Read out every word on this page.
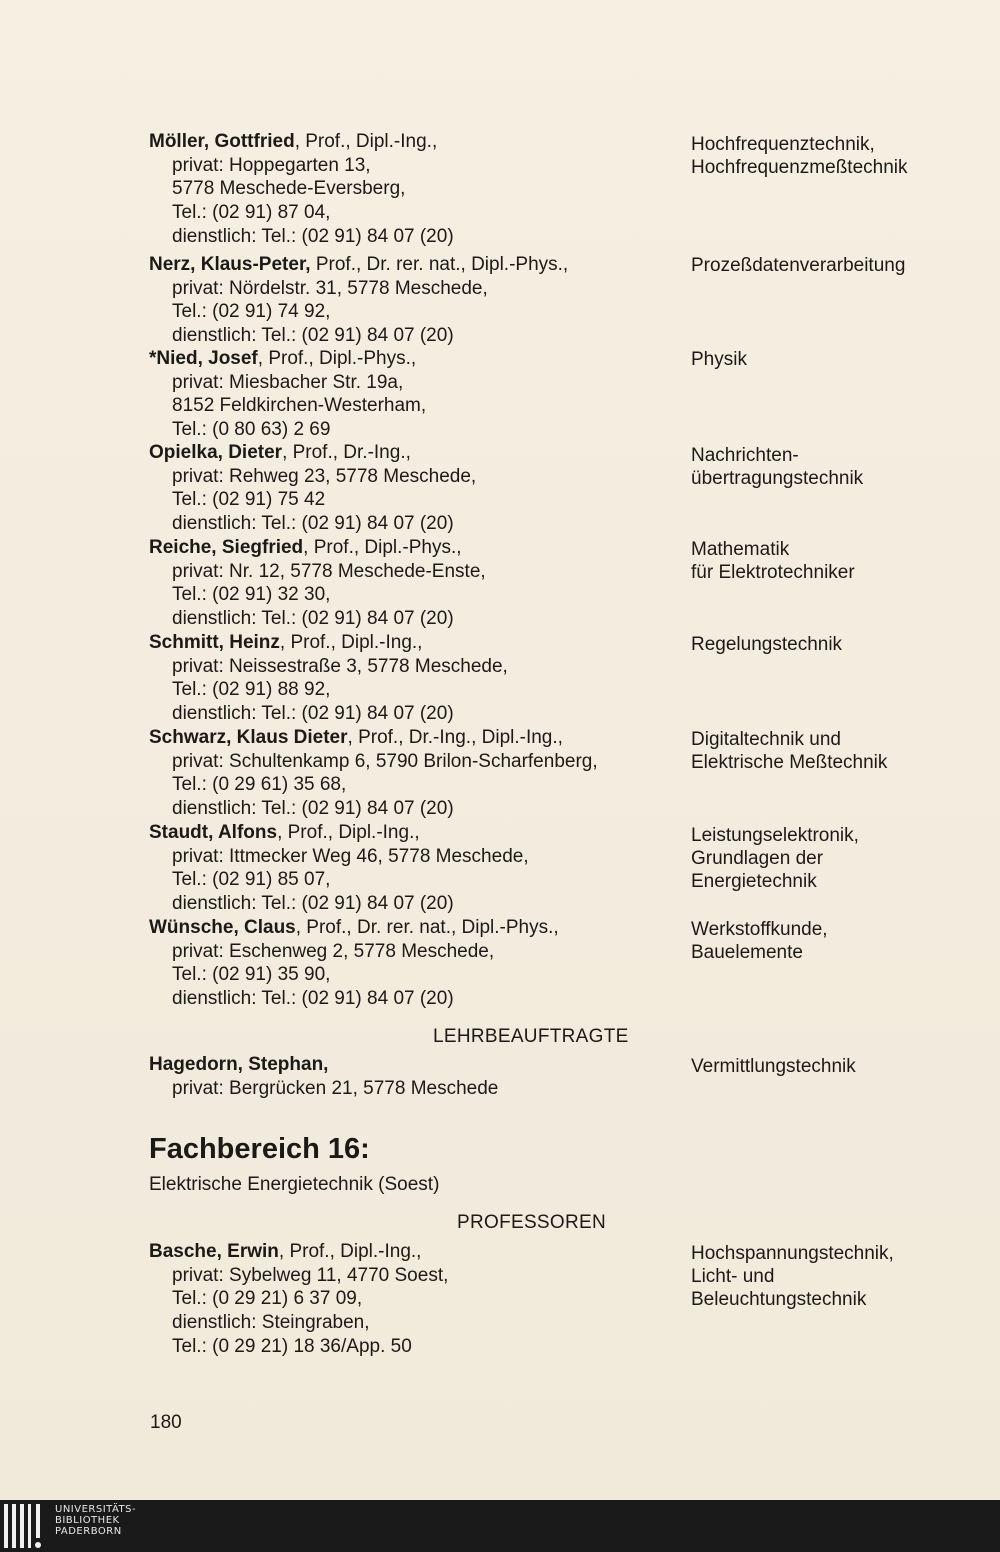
Möller, Gottfried, Prof., Dipl.-Ing.,
privat: Hoppegarten 13,
5778 Meschede-Eversberg,
Tel.: (02 91) 87 04,
dienstlich: Tel.: (02 91) 84 07 (20)
Hochfrequenztechnik,
Hochfrequenzmeßtechnik
Nerz, Klaus-Peter, Prof., Dr. rer. nat., Dipl.-Phys.,
privat: Nördelstr. 31, 5778 Meschede,
Tel.: (02 91) 74 92,
dienstlich: Tel.: (02 91) 84 07 (20)
Prozeßdatenverarbeitung
*Nied, Josef, Prof., Dipl.-Phys.,
privat: Miesbacher Str. 19a,
8152 Feldkirchen-Westerham,
Tel.: (0 80 63) 2 69
Physik
Opielka, Dieter, Prof., Dr.-Ing.,
privat: Rehweg 23, 5778 Meschede,
Tel.: (02 91) 75 42
dienstlich: Tel.: (02 91) 84 07 (20)
Nachrichten-
übertragungstechnik
Reiche, Siegfried, Prof., Dipl.-Phys.,
privat: Nr. 12, 5778 Meschede-Enste,
Tel.: (02 91) 32 30,
dienstlich: Tel.: (02 91) 84 07 (20)
Mathematik
für Elektrotechniker
Schmitt, Heinz, Prof., Dipl.-Ing.,
privat: Neissestraße 3, 5778 Meschede,
Tel.: (02 91) 88 92,
dienstlich: Tel.: (02 91) 84 07 (20)
Regelungstechnik
Schwarz, Klaus Dieter, Prof., Dr.-Ing., Dipl.-Ing.,
privat: Schultenkamp 6, 5790 Brilon-Scharfenberg,
Tel.: (0 29 61) 35 68,
dienstlich: Tel.: (02 91) 84 07 (20)
Digitaltechnik und
Elektrische Meßtechnik
Staudt, Alfons, Prof., Dipl.-Ing.,
privat: Ittmecker Weg 46, 5778 Meschede,
Tel.: (02 91) 85 07,
dienstlich: Tel.: (02 91) 84 07 (20)
Leistungselektronik,
Grundlagen der
Energietechnik
Wünsche, Claus, Prof., Dr. rer. nat., Dipl.-Phys.,
privat: Eschenweg 2, 5778 Meschede,
Tel.: (02 91) 35 90,
dienstlich: Tel.: (02 91) 84 07 (20)
Werkstoffkunde,
Bauelemente
Hagedorn, Stephan,
privat: Bergrücken 21, 5778 Meschede
Vermittlungstechnik
Basche, Erwin, Prof., Dipl.-Ing.,
privat: Sybelweg 11, 4770 Soest,
Tel.: (0 29 21) 6 37 09,
dienstlich: Steingraben,
Tel.: (0 29 21) 18 36/App. 50
Hochspannungstechnik,
Licht- und
Beleuchtungstechnik
LEHRBEAUFTRAGTE
Fachbereich 16:
Elektrische Energietechnik (Soest)
PROFESSOREN
180
UNIVERSITÄTS-
BIBLIOTHEK
PADERBORN
